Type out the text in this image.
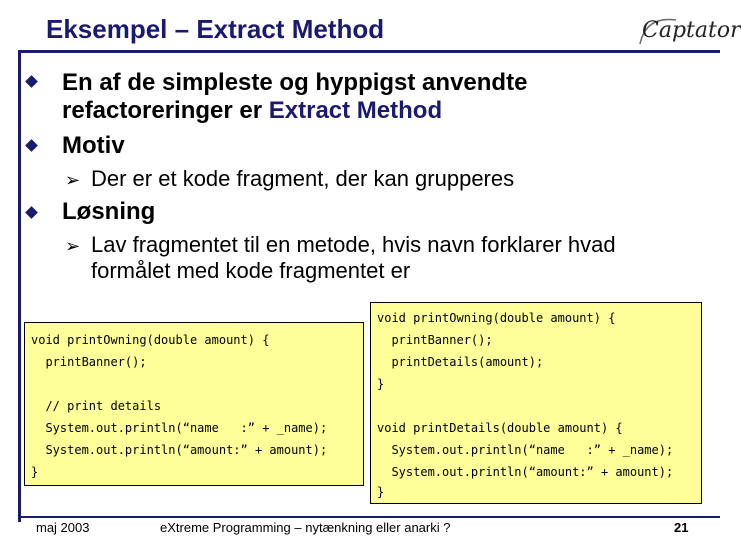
Eksempel – Extract Method	Captator
En af de simpleste og hyppigst anvendte
refactoreringer er Extract Method
Motiv
➢ Der er et kode fragment, der kan grupperes
Løsning
➢ Lav fragmentet til en metode, hvis navn forklarer hvad
formålet med kode fragmentet er
void printOwning(double amount) {
printBanner();
// print details
System.out.println(“name   :” + _name);
System.out.println(“amount:” + amount);
}
void printOwning(double amount) {
printBanner();
printDetails(amount);
}
void printDetails(double amount) {
System.out.println(“name   :” + _name);
System.out.println(“amount:” + amount);
}
maj 2003	eXtreme Programming – nytænkning eller anarki ?	21
